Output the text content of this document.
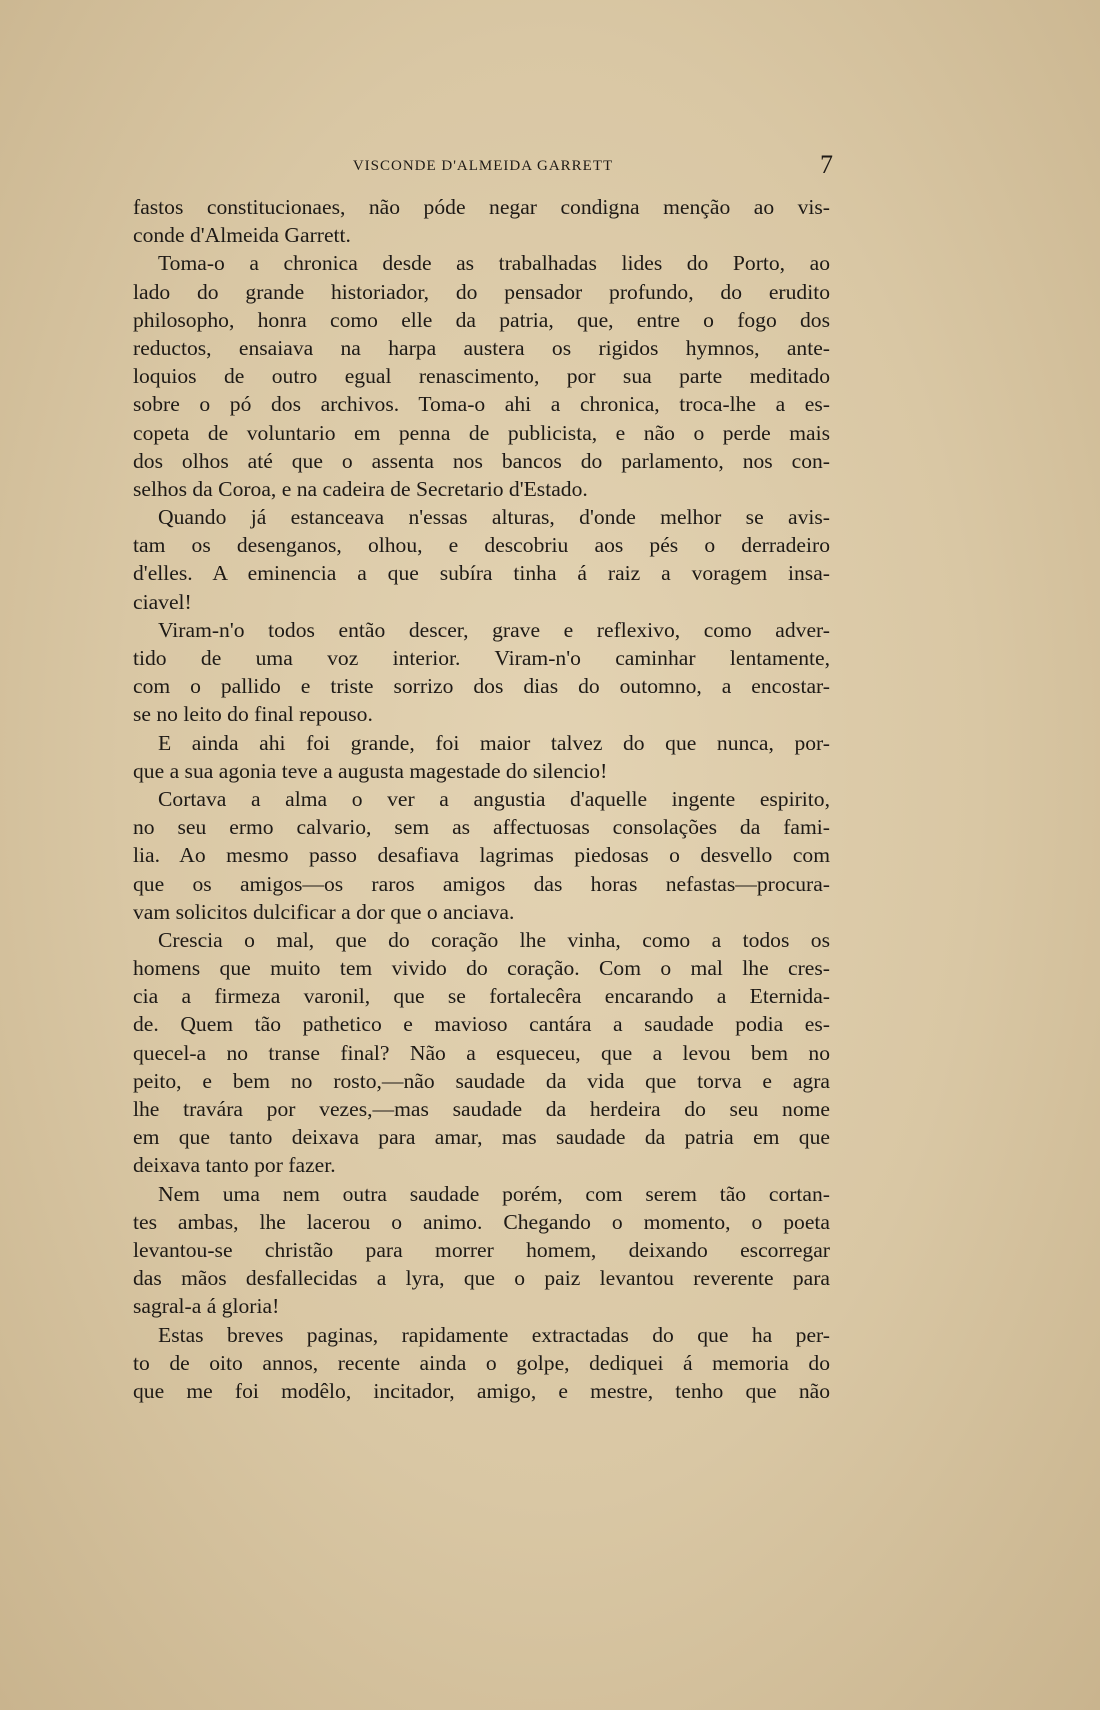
VISCONDE D'ALMEIDA GARRETT	7
fastos constitucionaes, não póde negar condigna menção ao vis-
conde d'Almeida Garrett.
Toma-o a chronica desde as trabalhadas lides do Porto, ao
lado do grande historiador, do pensador profundo, do erudito
philosopho, honra como elle da patria, que, entre o fogo dos
reductos, ensaiava na harpa austera os rigidos hymnos, ante-
loquios de outro egual renascimento, por sua parte meditado
sobre o pó dos archivos. Toma-o ahi a chronica, troca-lhe a es-
copeta de voluntario em penna de publicista, e não o perde mais
dos olhos até que o assenta nos bancos do parlamento, nos con-
selhos da Corоa, e na cadeira de Secretario d'Estado.
Quando já estanceava n'essas alturas, d'onde melhor se avis-
tam os desenganos, olhou, e descobriu aos pés o derradeiro
d'elles. A eminencia a que subíra tinha á raiz a voragem insa-
ciavel!
Viram-n'o todos então descer, grave e reflexivo, como adver-
tido de uma voz interior. Viram-n'o caminhar lentamente,
com o pallido e triste sorrizo dos dias do outomno, a encostar-
se no leito do final repouso.
E ainda ahi foi grande, foi maior talvez do que nunca, por-
que a sua agonia teve a augusta magestade do silencio!
Cortava a alma o ver a angustia d'aquelle ingente espirito,
no seu ermo calvario, sem as affectuosas consolações da fami-
lia. Ao mesmo passo desafiava lagrimas piedosas o desvello com
que os amigos—os raros amigos das horas nefastas—procura-
vam solicitos dulcificar a dor que o anciava.
Crescia o mal, que do coração lhe vinha, como a todos os
homens que muito tem vivido do coração. Com o mal lhe cres-
cia a firmeza varonil, que se fortalecêra encarando a Eternida-
de. Quem tão pathetico e mavioso cantára a saudade podia es-
quecel-a no transe final? Não a esqueceu, que a levou bem no
peito, e bem no rosto,—não saudade da vida que torva e agra
lhe travára por vezes,—mas saudade da herdeira do seu nome
em que tanto deixava para amar, mas saudade da patria em que
deixava tanto por fazer.
Nem uma nem outra saudade porém, com serem tão cortan-
tes ambas, lhe lacerou o animo. Chegando o momento, o poeta
levantou-se christão para morrer homem, deixando escorregar
das mãos desfallecidas a lyra, que o paiz levantou reverente para
sagral-a á gloria!
Estas breves paginas, rapidamente extractadas do que ha per-
to de oito annos, recente ainda o golpe, dediquei á memoria do
que me foi modêlo, incitador, amigo, e mestre, tenho que não
